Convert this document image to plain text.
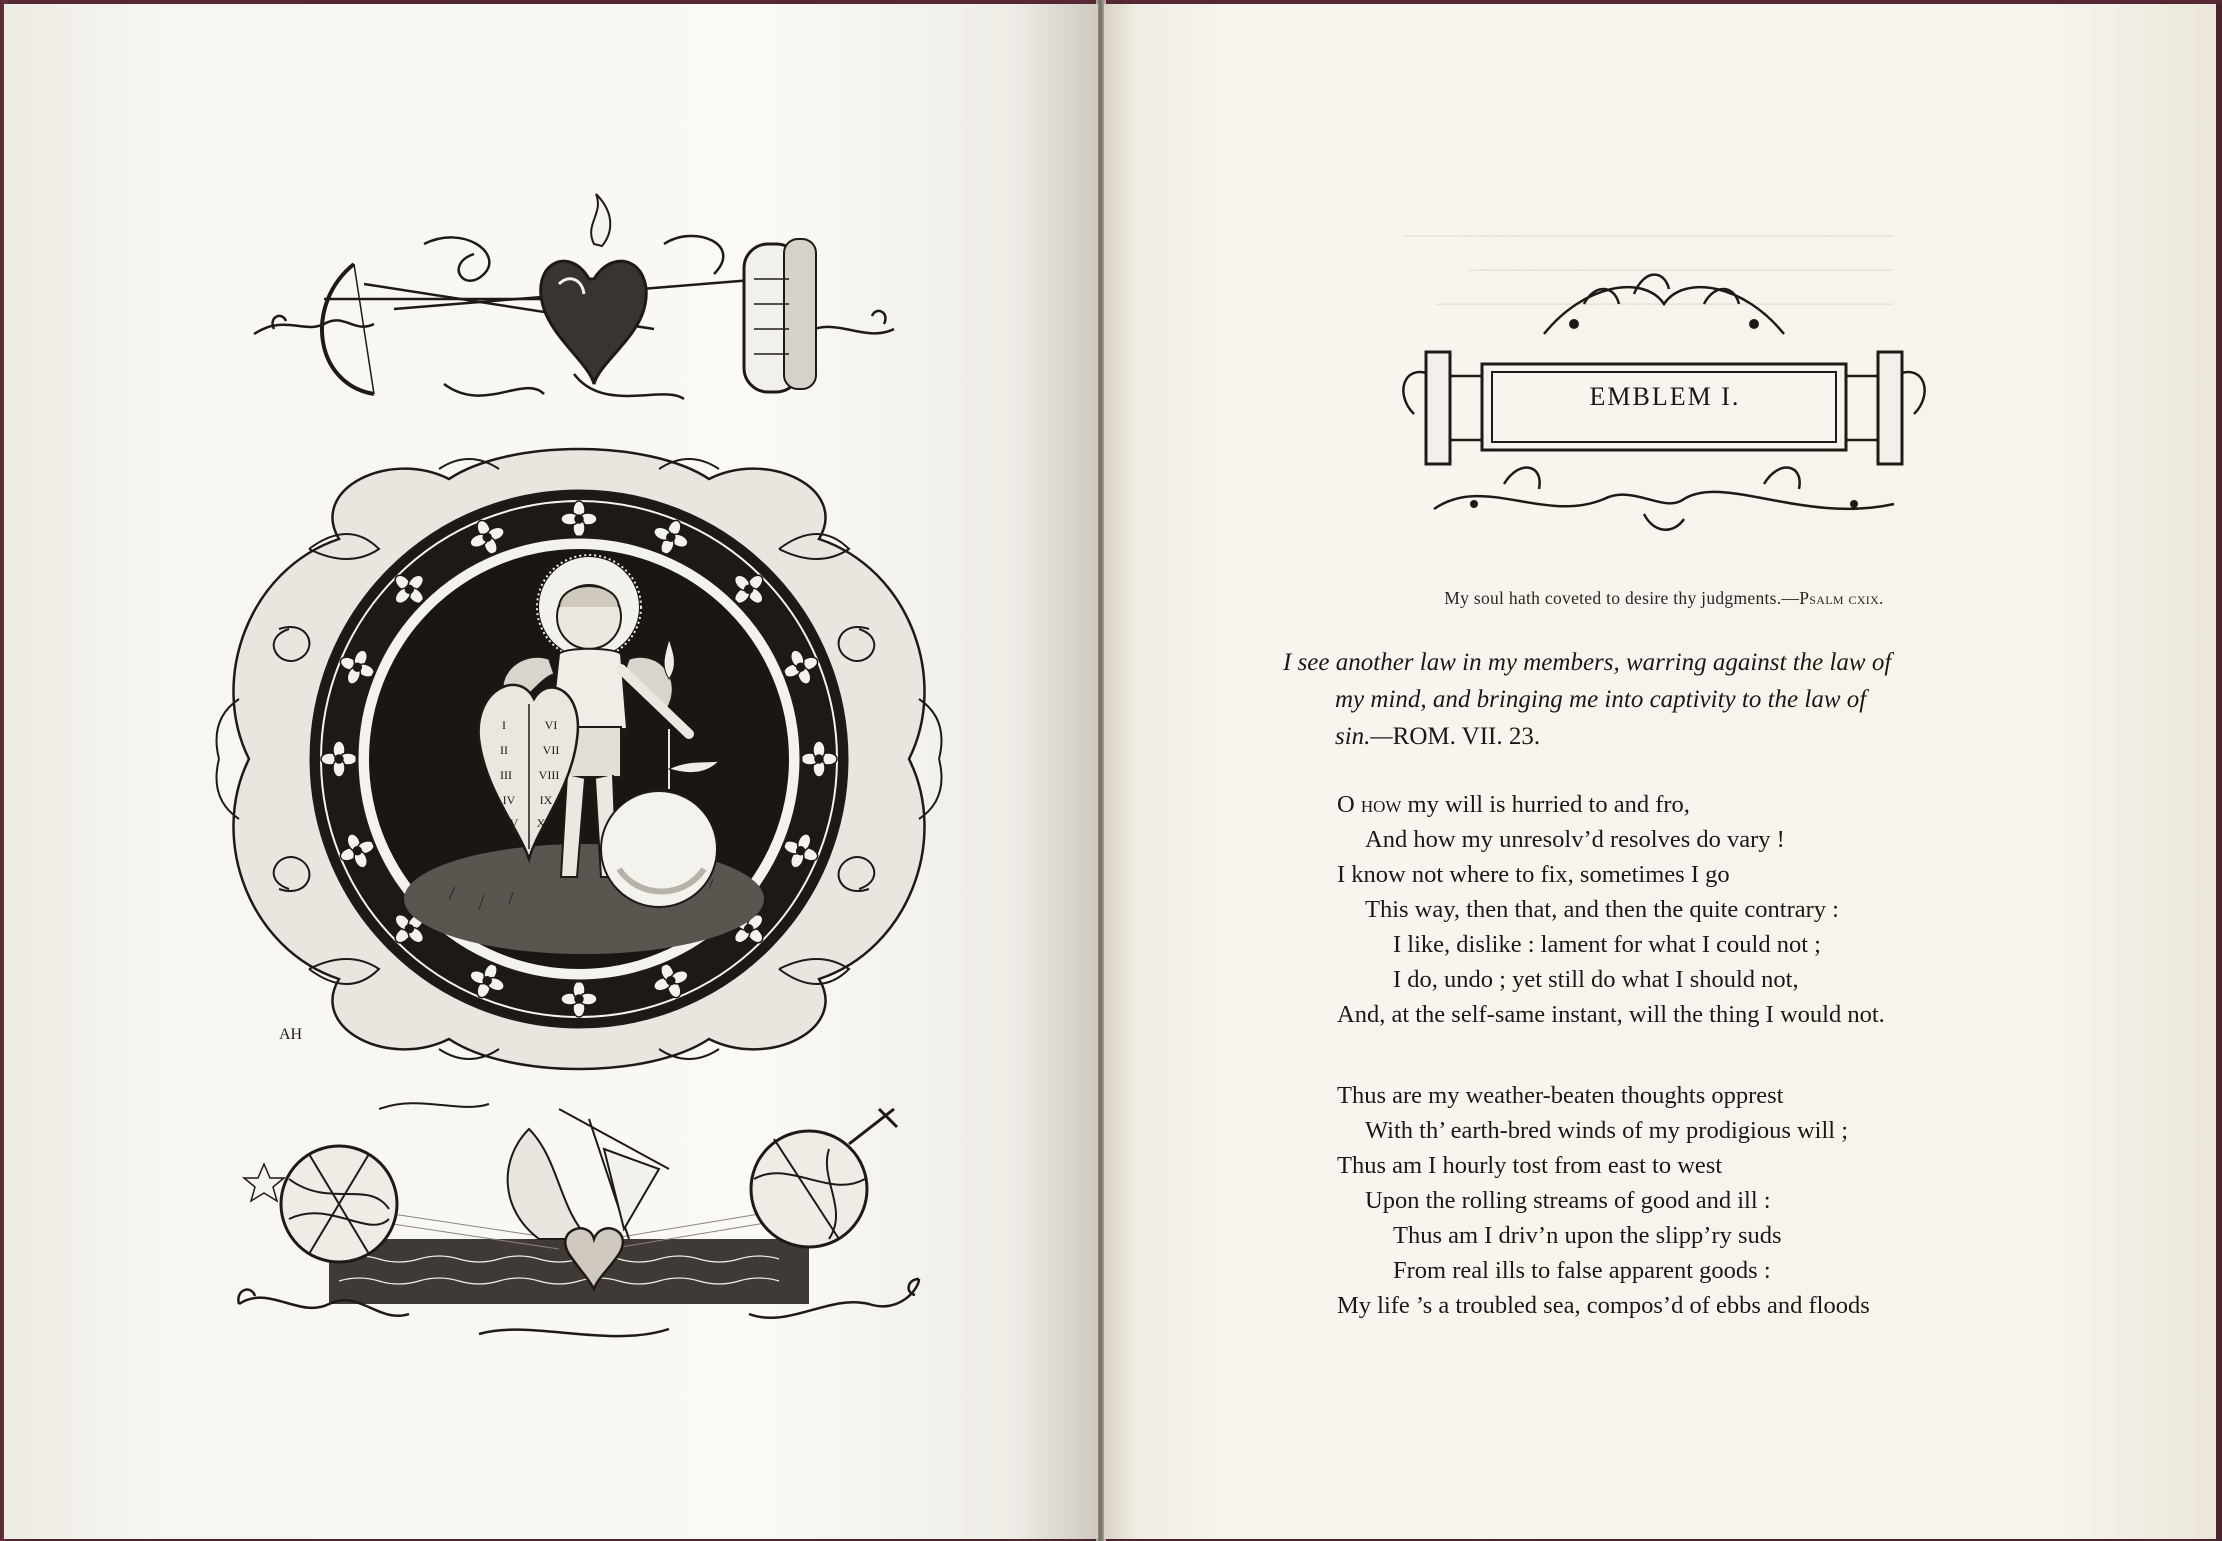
I
II
III
IV
V
VI
VII
VIII
IX
X
AH
──────────────────────────────
──────────────────────────
────────────────────────────
EMBLEM I.
My soul hath coveted to desire thy judgments.—Psalm cxix.
I see another law in my members, warring against the law of
my mind, and bringing me into captivity to the law of
sin.—ROM. VII. 23.
O how my will is hurried to and fro,
And how my unresolv’d resolves do vary !
I know not where to fix, sometimes I go
This way, then that, and then the quite contrary :
I like, dislike : lament for what I could not ;
I do, undo ; yet still do what I should not,
And, at the self-same instant, will the thing I would not.
Thus are my weather-beaten thoughts opprest
With th’ earth-bred winds of my prodigious will ;
Thus am I hourly tost from east to west
Upon the rolling streams of good and ill :
Thus am I driv’n upon the slipp’ry suds
From real ills to false apparent goods :
My life ’s a troubled sea, compos’d of ebbs and floods
